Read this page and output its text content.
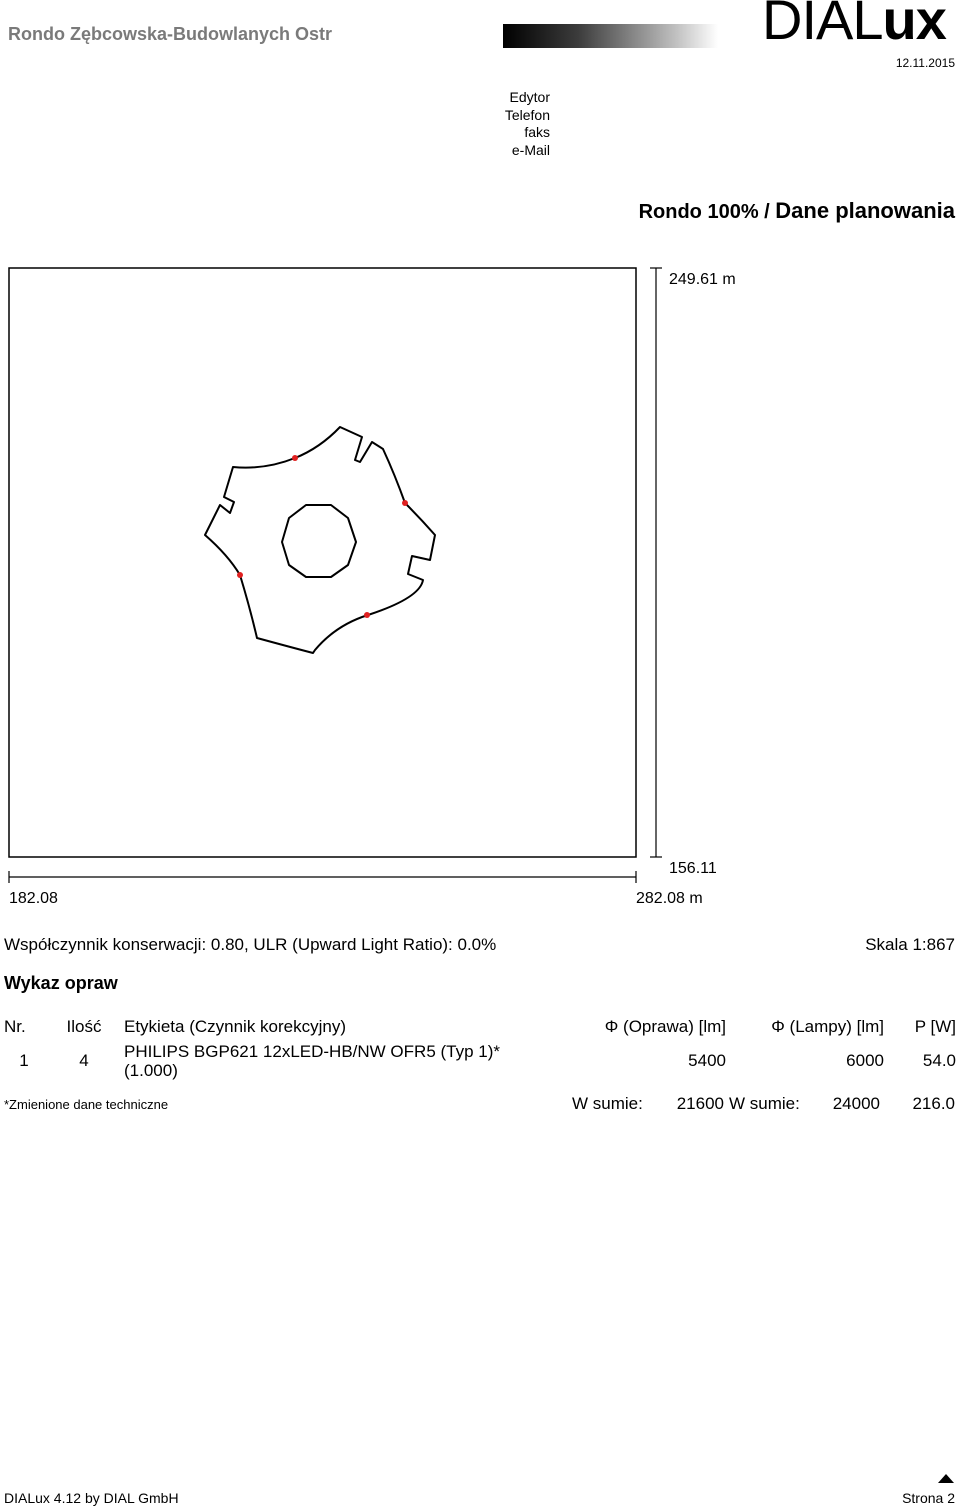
Rondo Zębcowska-Budowlanych Ostr	DIALux
12.11.2015
Edytor
Telefon
faks
e-Mail
Rondo 100% / Dane planowania
249.61 m
156.11
182.08	282.08 m
Współczynnik konserwacji: 0.80, ULR (Upward Light Ratio): 0.0%	Skala 1:867
Wykaz opraw
Nr.	Ilość	Etykieta (Czynnik korekcyjny)	Φ (Oprawa) [lm]	Φ (Lampy) [lm]	P [W]
1	4	PHILIPS BGP621 12xLED-HB/NW OFR5 (Typ 1)* (1.000)	5400	6000	54.0
*Zmienione dane techniczne	W sumie: 21600 W sumie: 24000 216.0
DIALux 4.12 by DIAL GmbH	Strona 2
